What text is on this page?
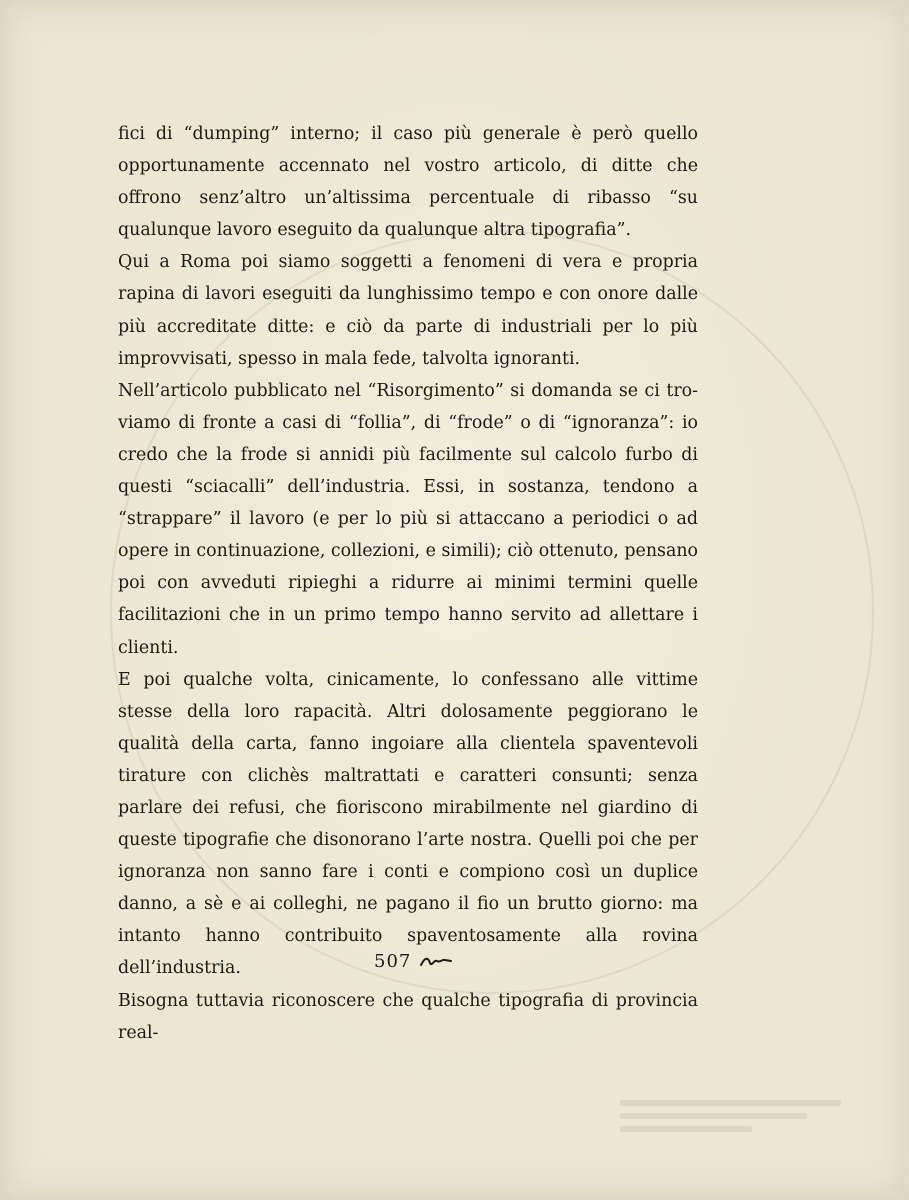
fici di “dumping” interno; il caso più generale è però quello opportunamente accennato nel vostro articolo, di ditte che offrono senz’altro un’altissima percentuale di ribasso “su qualunque lavoro eseguito da qualunque altra tipografia”.

Qui a Roma poi siamo soggetti a fenomeni di vera e propria rapina di lavori eseguiti da lunghissimo tempo e con onore dalle più accreditate ditte: e ciò da parte di industriali per lo più improvvisati, spesso in mala fede, talvolta ignoranti.

Nell’articolo pubblicato nel “Risorgimento” si domanda se ci troviamo di fronte a casi di “follia”, di “frode” o di “ignoranza”: io credo che la frode si annidi più facilmente sul calcolo furbo di questi “sciacalli” dell’industria. Essi, in sostanza, tendono a “strappare” il lavoro (e per lo più si attaccano a periodici o ad opere in continuazione, collezioni, e simili); ciò ottenuto, pensano poi con avveduti ripieghi a ridurre ai minimi termini quelle facilitazioni che in un primo tempo hanno servito ad allettare i clienti.

E poi qualche volta, cinicamente, lo confessano alle vittime stesse della loro rapacità. Altri dolosamente peggiorano le qualità della carta, fanno ingoiare alla clientela spaventevoli tirature con clichès maltrattati e caratteri consunti; senza parlare dei refusi, che fioriscono mirabilmente nel giardino di queste tipografie che disonorano l’arte nostra. Quelli poi che per ignoranza non sanno fare i conti e compiono così un duplice danno, a sè e ai colleghi, ne pagano il fio un brutto giorno: ma intanto hanno contribuito spaventosamente alla rovina dell’industria.

Bisogna tuttavia riconoscere che qualche tipografia di provincia real-

507
